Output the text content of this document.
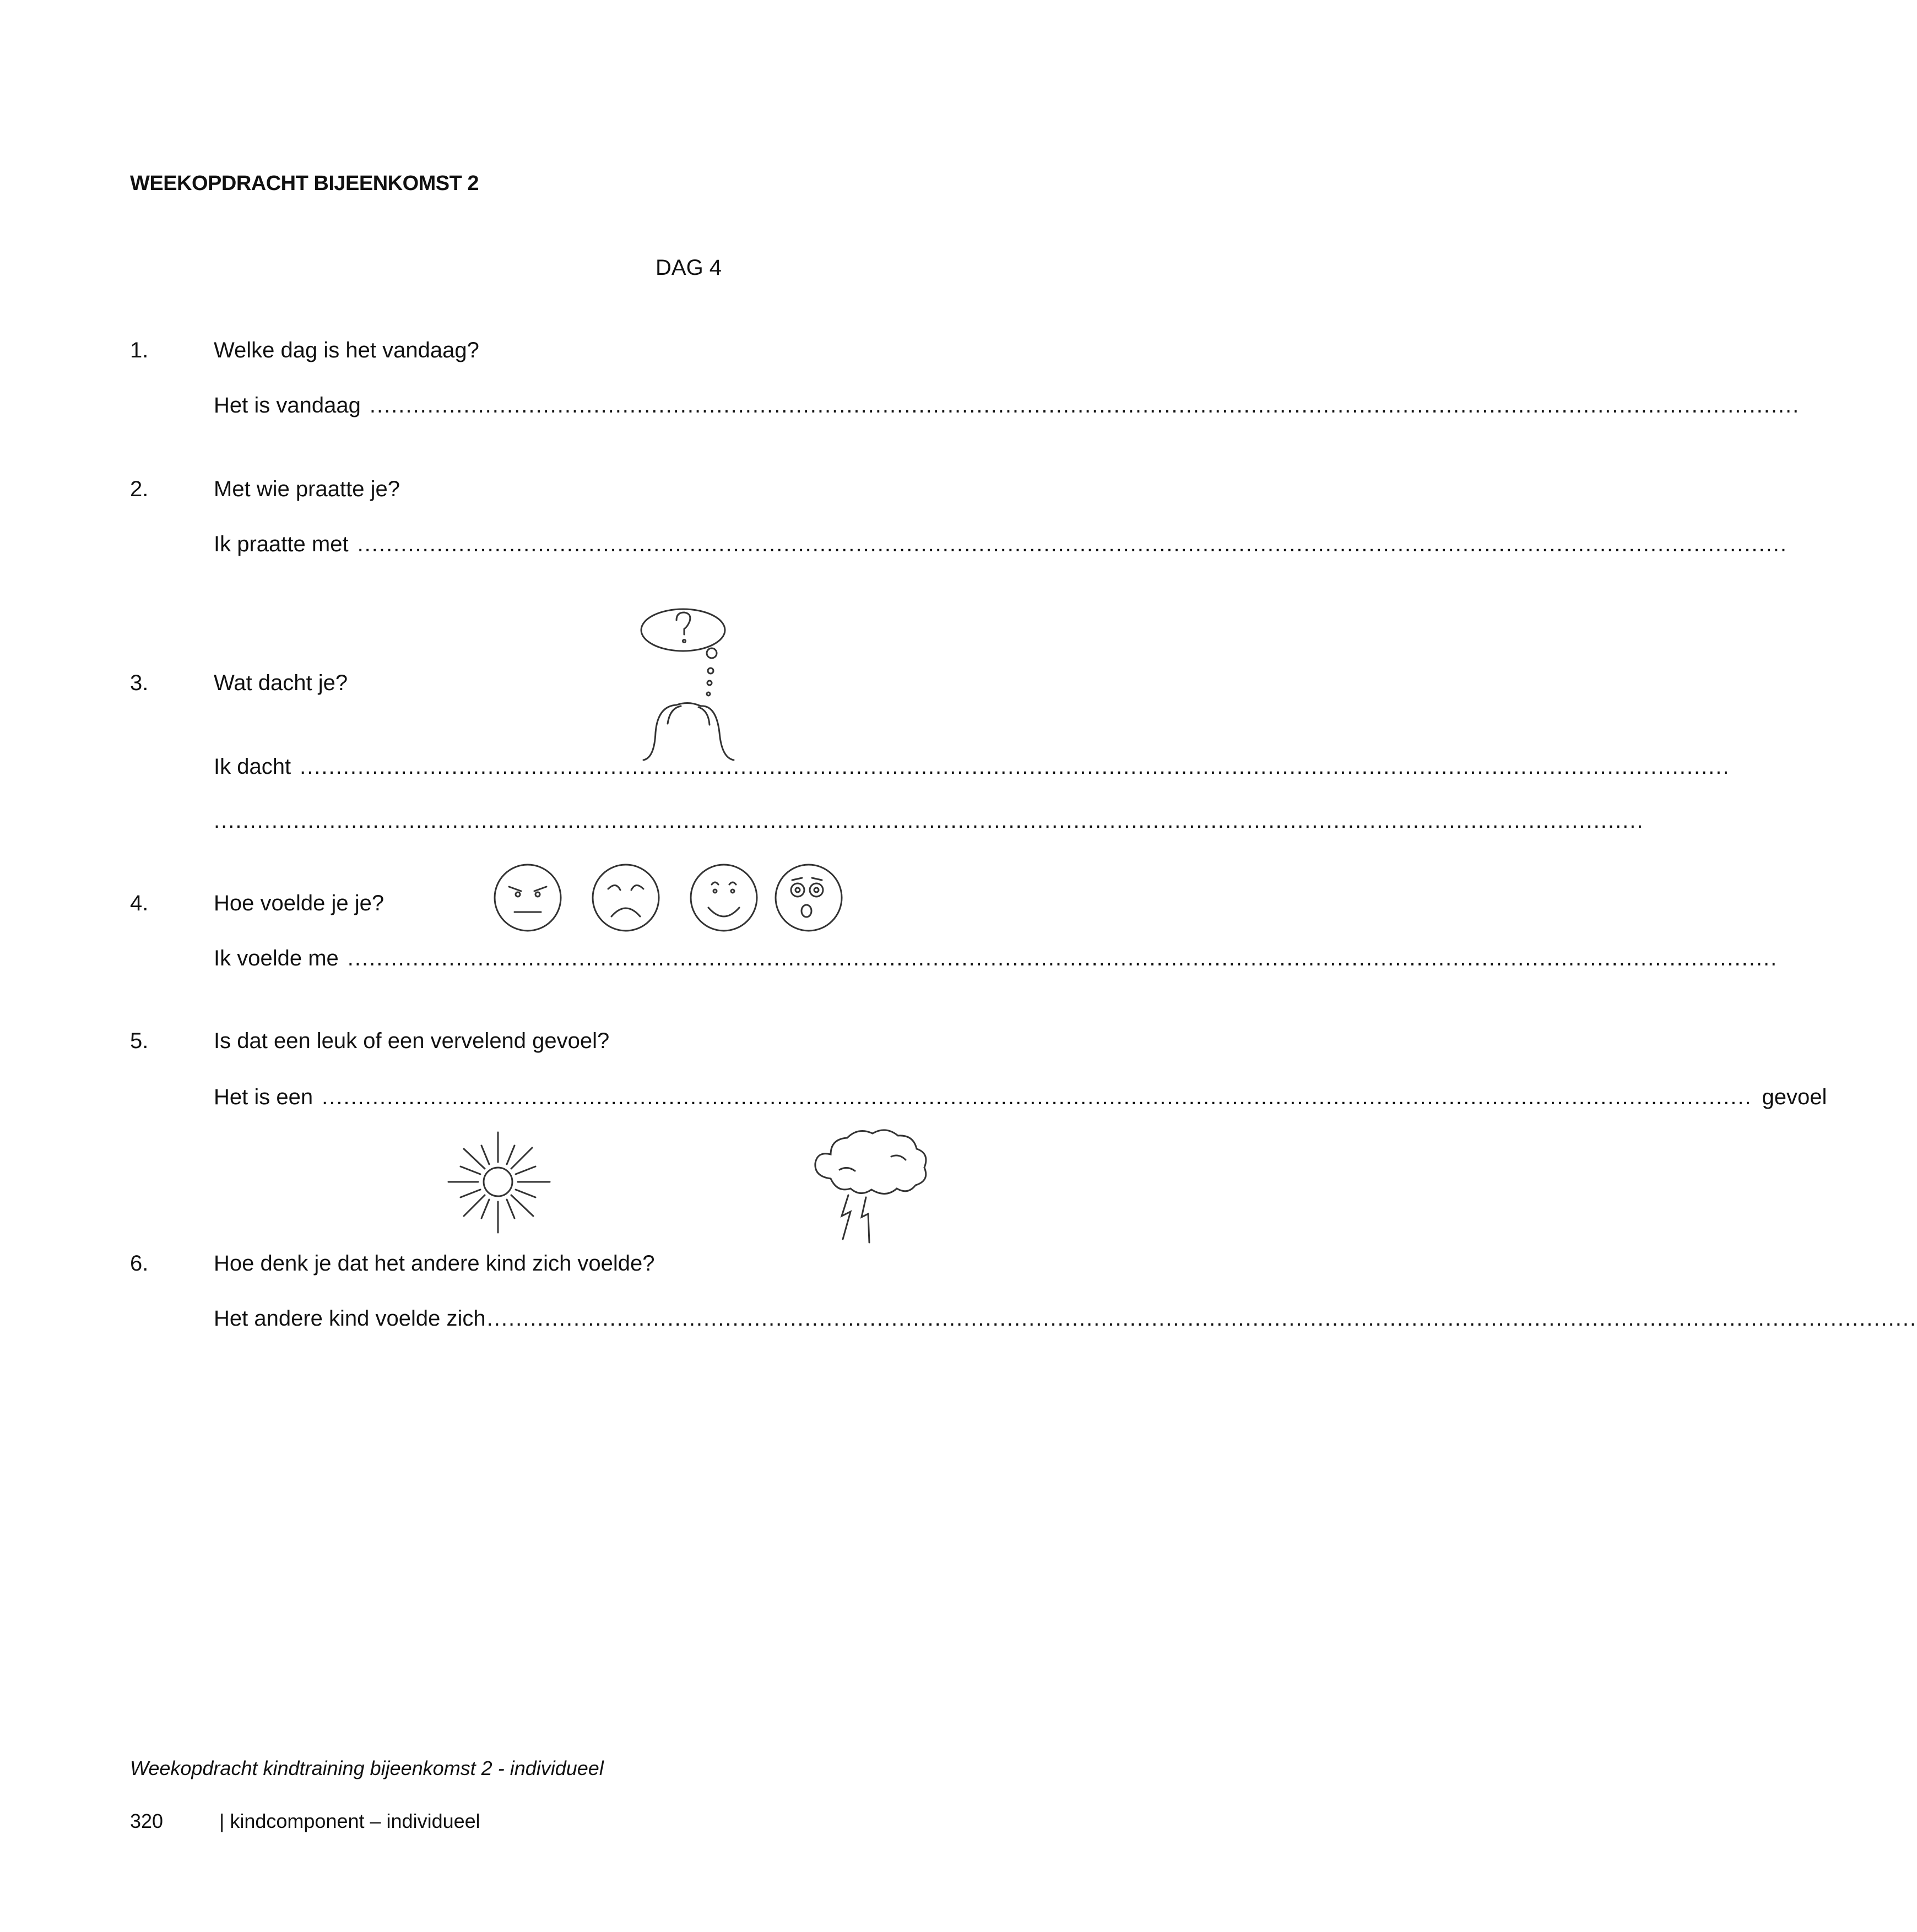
WEEKOPDRACHT BIJEENKOMST 2
DAG 4
1.	Welke dag is het vandaag?
Het is vandaag ......................................................................................................................................................................................................
2.	Met wie praatte je?
Ik praatte met ......................................................................................................................................................................................................
3.	Wat dacht je?
Ik dacht ......................................................................................................................................................................................................
......................................................................................................................................................................................................
4.	Hoe voelde je je?
Ik voelde me ......................................................................................................................................................................................................
5.	Is dat een leuk of een vervelend gevoel?
Het is een ...................................................................................................................................................................................................... gevoel
6.	Hoe denk je dat het andere kind zich voelde?
Het andere kind voelde zich ......................................................................................................................................................................................................
Weekopdracht kindtraining bijeenkomst 2 - individueel
320	| kindcomponent – individueel
